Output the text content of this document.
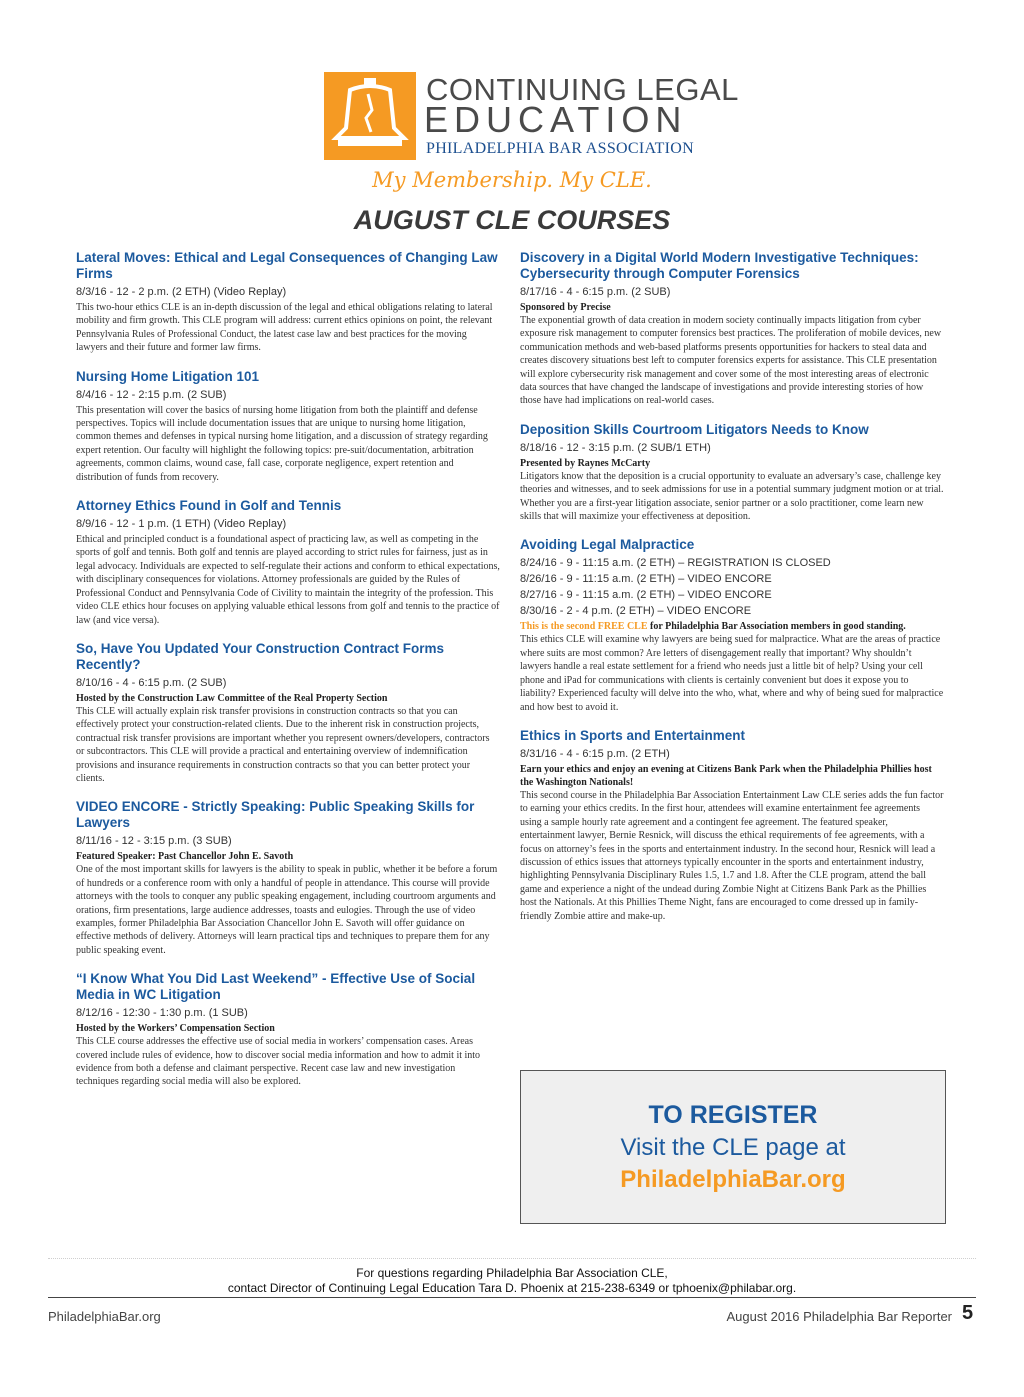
CONTINUING LEGAL
EDUCATION
PHILADELPHIA BAR ASSOCIATION
My Membership. My CLE.
AUGUST CLE COURSES
Lateral Moves: Ethical and Legal Consequences of Changing Law Firms
8/3/16 - 12 - 2 p.m. (2 ETH) (Video Replay)
This two-hour ethics CLE is an in-depth discussion of the legal and ethical obligations relating to lateral mobility and firm growth. This CLE program will address: current ethics opinions on point, the relevant Pennsylvania Rules of Professional Conduct, the latest case law and best practices for the moving lawyers and their future and former law firms.
Nursing Home Litigation 101
8/4/16 - 12 - 2:15 p.m. (2 SUB)
This presentation will cover the basics of nursing home litigation from both the plaintiff and defense perspectives. Topics will include documentation issues that are unique to nursing home litigation, common themes and defenses in typical nursing home litigation, and a discussion of strategy regarding expert retention. Our faculty will highlight the following topics: pre-suit/documentation, arbitration agreements, common claims, wound case, fall case, corporate negligence, expert retention and distribution of funds from recovery.
Attorney Ethics Found in Golf and Tennis
8/9/16 - 12 - 1 p.m. (1 ETH) (Video Replay)
Ethical and principled conduct is a foundational aspect of practicing law, as well as competing in the sports of golf and tennis. Both golf and tennis are played according to strict rules for fairness, just as in legal advocacy. Individuals are expected to self-regulate their actions and conform to ethical expectations, with disciplinary consequences for violations. Attorney professionals are guided by the Rules of Professional Conduct and Pennsylvania Code of Civility to maintain the integrity of the profession. This video CLE ethics hour focuses on applying valuable ethical lessons from golf and tennis to the practice of law (and vice versa).
So, Have You Updated Your Construction Contract Forms Recently?
8/10/16 - 4 - 6:15 p.m. (2 SUB)
Hosted by the Construction Law Committee of the Real Property Section
This CLE will actually explain risk transfer provisions in construction contracts so that you can effectively protect your construction-related clients. Due to the inherent risk in construction projects, contractual risk transfer provisions are important whether you represent owners/developers, contractors or subcontractors. This CLE will provide a practical and entertaining overview of indemnification provisions and insurance requirements in construction contracts so that you can better protect your clients.
VIDEO ENCORE - Strictly Speaking: Public Speaking Skills for Lawyers
8/11/16 - 12 - 3:15 p.m. (3 SUB)
Featured Speaker: Past Chancellor John E. Savoth
One of the most important skills for lawyers is the ability to speak in public, whether it be before a forum of hundreds or a conference room with only a handful of people in attendance. This course will provide attorneys with the tools to conquer any public speaking engagement, including courtroom arguments and orations, firm presentations, large audience addresses, toasts and eulogies. Through the use of video examples, former Philadelphia Bar Association Chancellor John E. Savoth will offer guidance on effective methods of delivery. Attorneys will learn practical tips and techniques to prepare them for any public speaking event.
“I Know What You Did Last Weekend” - Effective Use of Social Media in WC Litigation
8/12/16 - 12:30 - 1:30 p.m. (1 SUB)
Hosted by the Workers’ Compensation Section
This CLE course addresses the effective use of social media in workers’ compensation cases. Areas covered include rules of evidence, how to discover social media information and how to admit it into evidence from both a defense and claimant perspective. Recent case law and new investigation techniques regarding social media will also be explored.
Discovery in a Digital World Modern Investigative Techniques: Cybersecurity through Computer Forensics
8/17/16 - 4 - 6:15 p.m. (2 SUB)
Sponsored by Precise
The exponential growth of data creation in modern society continually impacts litigation from cyber exposure risk management to computer forensics best practices. The proliferation of mobile devices, new communication methods and web-based platforms presents opportunities for hackers to steal data and creates discovery situations best left to computer forensics experts for assistance. This CLE presentation will explore cybersecurity risk management and cover some of the most interesting areas of electronic data sources that have changed the landscape of investigations and provide interesting stories of how those have had implications on real-world cases.
Deposition Skills Courtroom Litigators Needs to Know
8/18/16 - 12 - 3:15 p.m. (2 SUB/1 ETH)
Presented by Raynes McCarty
Litigators know that the deposition is a crucial opportunity to evaluate an adversary’s case, challenge key theories and witnesses, and to seek admissions for use in a potential summary judgment motion or at trial. Whether you are a first-year litigation associate, senior partner or a solo practitioner, come learn new skills that will maximize your effectiveness at deposition.
Avoiding Legal Malpractice
8/24/16 - 9 - 11:15 a.m. (2 ETH) – REGISTRATION IS CLOSED
8/26/16 - 9 - 11:15 a.m. (2 ETH) – VIDEO ENCORE
8/27/16 - 9 - 11:15 a.m. (2 ETH) – VIDEO ENCORE
8/30/16 - 2 - 4 p.m. (2 ETH) – VIDEO ENCORE
This is the second FREE CLE for Philadelphia Bar Association members in good standing.
This ethics CLE will examine why lawyers are being sued for malpractice. What are the areas of practice where suits are most common? Are letters of disengagement really that important? Why shouldn’t lawyers handle a real estate settlement for a friend who needs just a little bit of help? Using your cell phone and iPad for communications with clients is certainly convenient but does it expose you to liability? Experienced faculty will delve into the who, what, where and why of being sued for malpractice and how best to avoid it.
Ethics in Sports and Entertainment
8/31/16 - 4 - 6:15 p.m. (2 ETH)
Earn your ethics and enjoy an evening at Citizens Bank Park when the Philadelphia Phillies host the Washington Nationals!
This second course in the Philadelphia Bar Association Entertainment Law CLE series adds the fun factor to earning your ethics credits. In the first hour, attendees will examine entertainment fee agreements using a sample hourly rate agreement and a contingent fee agreement. The featured speaker, entertainment lawyer, Bernie Resnick, will discuss the ethical requirements of fee agreements, with a focus on attorney’s fees in the sports and entertainment industry. In the second hour, Resnick will lead a discussion of ethics issues that attorneys typically encounter in the sports and entertainment industry, highlighting Pennsylvania Disciplinary Rules 1.5, 1.7 and 1.8. After the CLE program, attend the ball game and experience a night of the undead during Zombie Night at Citizens Bank Park as the Phillies host the Nationals. At this Phillies Theme Night, fans are encouraged to come dressed up in family-friendly Zombie attire and make-up.
TO REGISTER
Visit the CLE page at
PhiladelphiaBar.org
For questions regarding Philadelphia Bar Association CLE,
contact Director of Continuing Legal Education Tara D. Phoenix at 215-238-6349 or tphoenix@philabar.org.
PhiladelphiaBar.org	August 2016 Philadelphia Bar Reporter 5
